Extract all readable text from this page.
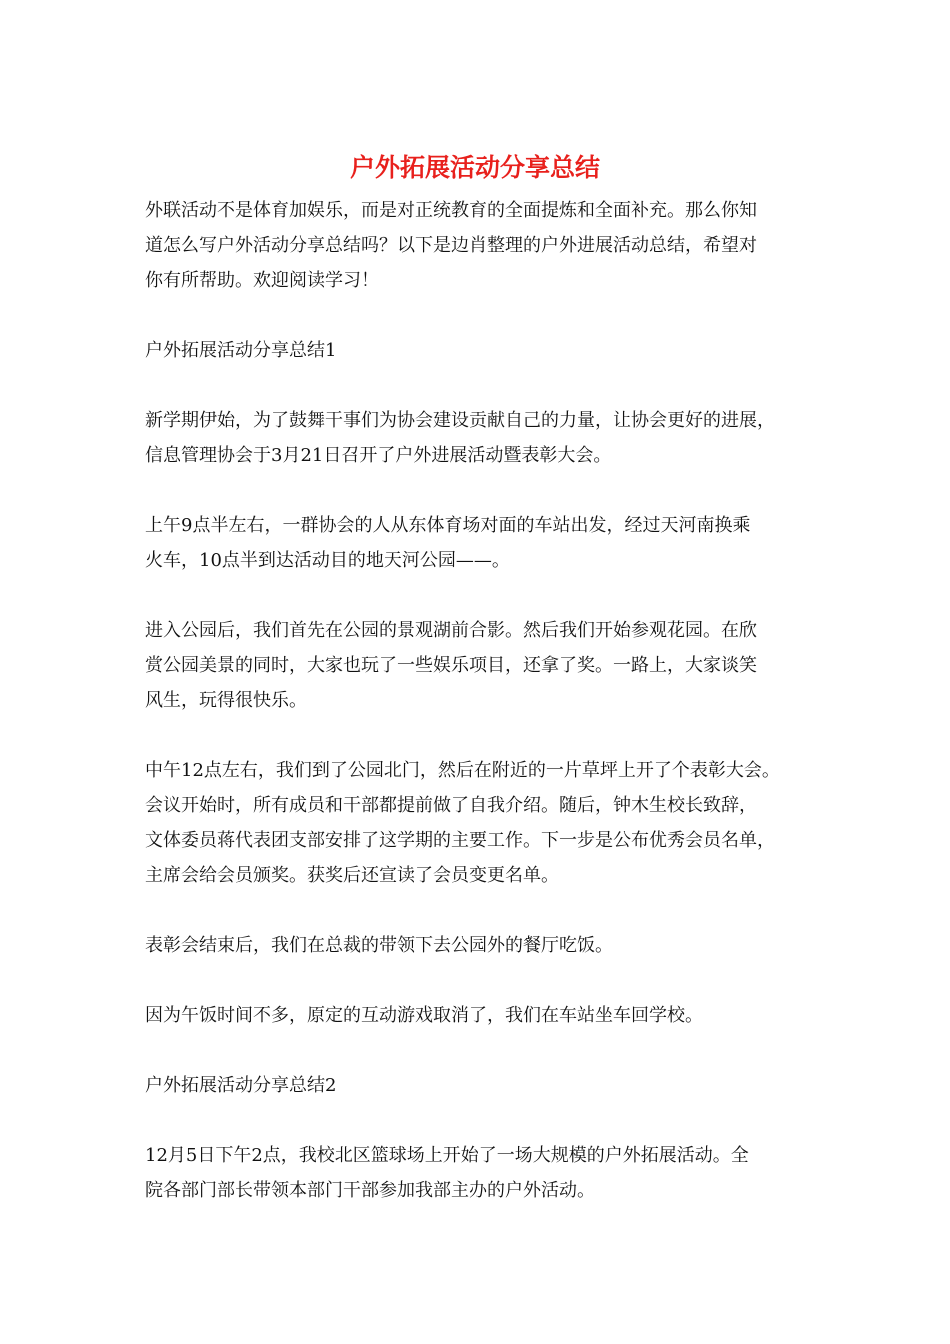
户外拓展活动分享总结
外联活动不是体育加娱乐，而是对正统教育的全面提炼和全面补充。那么你知
道怎么写户外活动分享总结吗？以下是边肖整理的户外进展活动总结，希望对
你有所帮助。欢迎阅读学习！
户外拓展活动分享总结1
新学期伊始，为了鼓舞干事们为协会建设贡献自己的力量，让协会更好的进展，
信息管理协会于3月21日召开了户外进展活动暨表彰大会。
上午9点半左右，一群协会的人从东体育场对面的车站出发，经过天河南换乘
火车，10点半到达活动目的地天河公园——。
进入公园后，我们首先在公园的景观湖前合影。然后我们开始参观花园。在欣
赏公园美景的同时，大家也玩了一些娱乐项目，还拿了奖。一路上，大家谈笑
风生，玩得很快乐。
中午12点左右，我们到了公园北门，然后在附近的一片草坪上开了个表彰大会。
会议开始时，所有成员和干部都提前做了自我介绍。随后，钟木生校长致辞，
文体委员蒋代表团支部安排了这学期的主要工作。下一步是公布优秀会员名单，
主席会给会员颁奖。获奖后还宣读了会员变更名单。
表彰会结束后，我们在总裁的带领下去公园外的餐厅吃饭。
因为午饭时间不多，原定的互动游戏取消了，我们在车站坐车回学校。
户外拓展活动分享总结2
12月5日下午2点，我校北区篮球场上开始了一场大规模的户外拓展活动。全
院各部门部长带领本部门干部参加我部主办的户外活动。
